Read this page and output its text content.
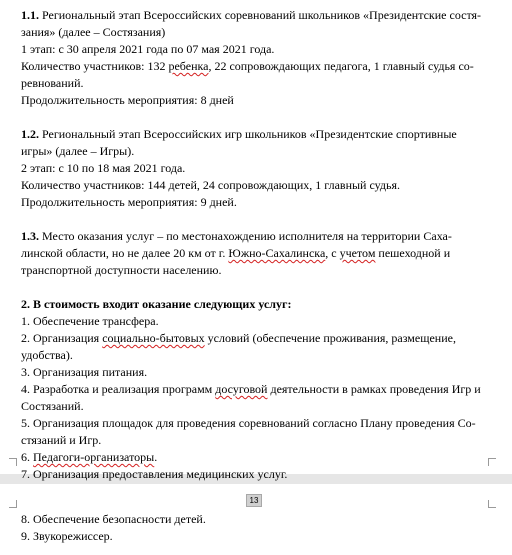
1.1. Региональный этап Всероссийских соревнований школьников «Президентские состя-

зания» (далее – Состязания)

1 этап: с 30 апреля 2021 года по 07 мая 2021 года.

Количество участников: 132 ребенка, 22 сопровождающих педагога, 1 главный судья со-

ревнований.

Продолжительность мероприятия: 8 дней

1.2. Региональный этап Всероссийских игр школьников «Президентские спортивные

игры» (далее – Игры).

2 этап: с 10 по 18 мая 2021 года.

Количество участников: 144 детей, 24 сопровождающих, 1 главный судья.

Продолжительность мероприятия: 9 дней.

1.3. Место оказания услуг – по местонахождению исполнителя на территории Саха-

линской области, но не далее 20 км от г. Южно-Сахалинска, с учетом пешеходной и

транспортной доступности населению.

2. В стоимость входит оказание следующих услуг:

1. Обеспечение трансфера.

2. Организация социально-бытовых условий (обеспечение проживания, размещение,

удобства).

3. Организация питания.

4. Разработка и реализация программ досуговой деятельности в рамках проведения Игр и

Состязаний.

5. Организация площадок для проведения соревнований согласно Плану проведения Со-

стязаний и Игр.

6. Педагоги-организаторы.

7. Организация предоставления медицинских услуг.

13

8. Обеспечение безопасности детей.

9. Звукорежиссер.
